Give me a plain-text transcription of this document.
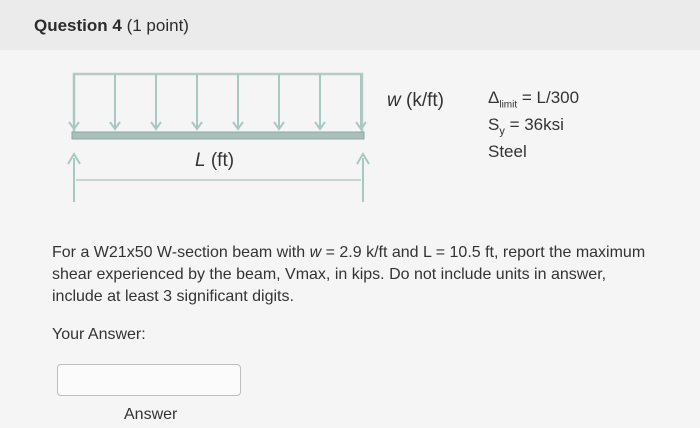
Question 4 (1 point)
w (k/ft)
L (ft)
$\Delta_{limit} = L/300$
$S_y = 36ksi$
Steel
For a W21x50 W-section beam with w = 2.9 k/ft and L = 10.5 ft, report the maximum shear experienced by the beam, Vmax, in kips. Do not include units in answer, include at least 3 significant digits.
Your Answer:
Answer
